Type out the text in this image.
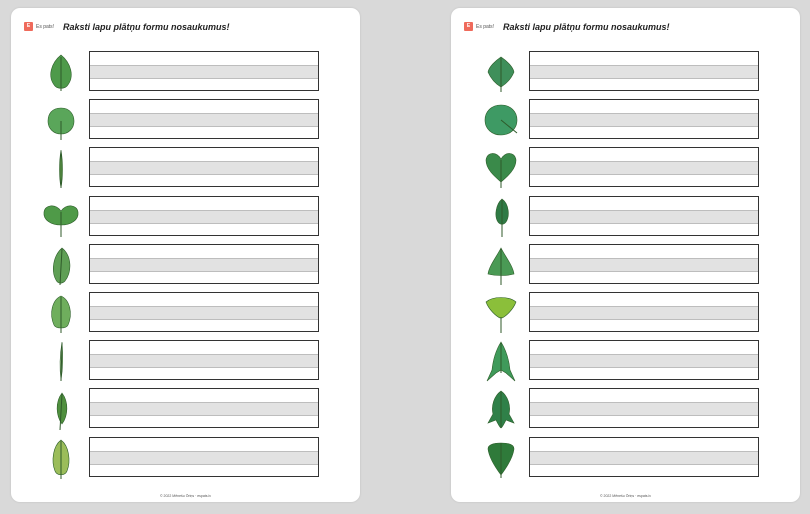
E	Es pats! Raksti lapu plātņu formu nosaukumus!
© 2022 Mēnešu Ōriņs · espats.lv
E	Es pats! Raksti lapu plātņu formu nosaukumus!
© 2022 Mēnešu Ōriņs · espats.lv
